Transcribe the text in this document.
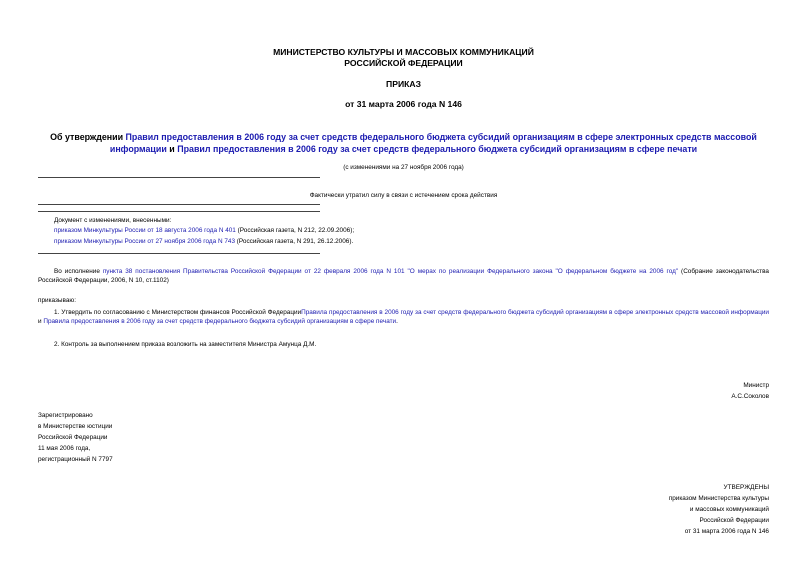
МИНИСТЕРСТВО КУЛЬТУРЫ И МАССОВЫХ КОММУНИКАЦИЙ
РОССИЙСКОЙ ФЕДЕРАЦИИ
ПРИКАЗ
от 31 марта 2006 года N 146
Об утверждении Правил предоставления в 2006 году за счет средств федерального бюджета субсидий организациям в сфере электронных средств массовой информации и Правил предоставления в 2006 году за счет средств федерального бюджета субсидий организациям в сфере печати
(с изменениями на 27 ноября 2006 года)
Фактически утратил силу в связи с истечением срока действия
Документ с изменениями, внесенными:
приказом Минкультуры России от 18 августа 2006 года N 401 (Российская газета, N 212, 22.09.2006);
приказом Минкультуры России от 27 ноября 2006 года N 743 (Российская газета, N 291, 26.12.2006).
Во исполнение пункта 38 постановления Правительства Российской Федерации от 22 февраля 2006 года N 101 "О мерах по реализации Федерального закона "О федеральном бюджете на 2006 год" (Собрание законодательства Российской Федерации, 2006, N 10, ст.1102)
приказываю:
1. Утвердить по согласованию с Министерством финансов Российской ФедерацииПравила предоставления в 2006 году за счет средств федерального бюджета субсидий организациям в сфере электронных средств массовой информации и Правила предоставления в 2006 году за счет средств федерального бюджета субсидий организациям в сфере печати.
2. Контроль за выполнением приказа возложить на заместителя Министра Амунца Д.М.
Министр
А.С.Соколов
Зарегистрировано
в Министерстве юстиции
Российской Федерации
11 мая 2006 года,
регистрационный N 7797
УТВЕРЖДЕНЫ
приказом Министерства культуры
и массовых коммуникаций
Российской Федерации
от 31 марта 2006 года N 146
